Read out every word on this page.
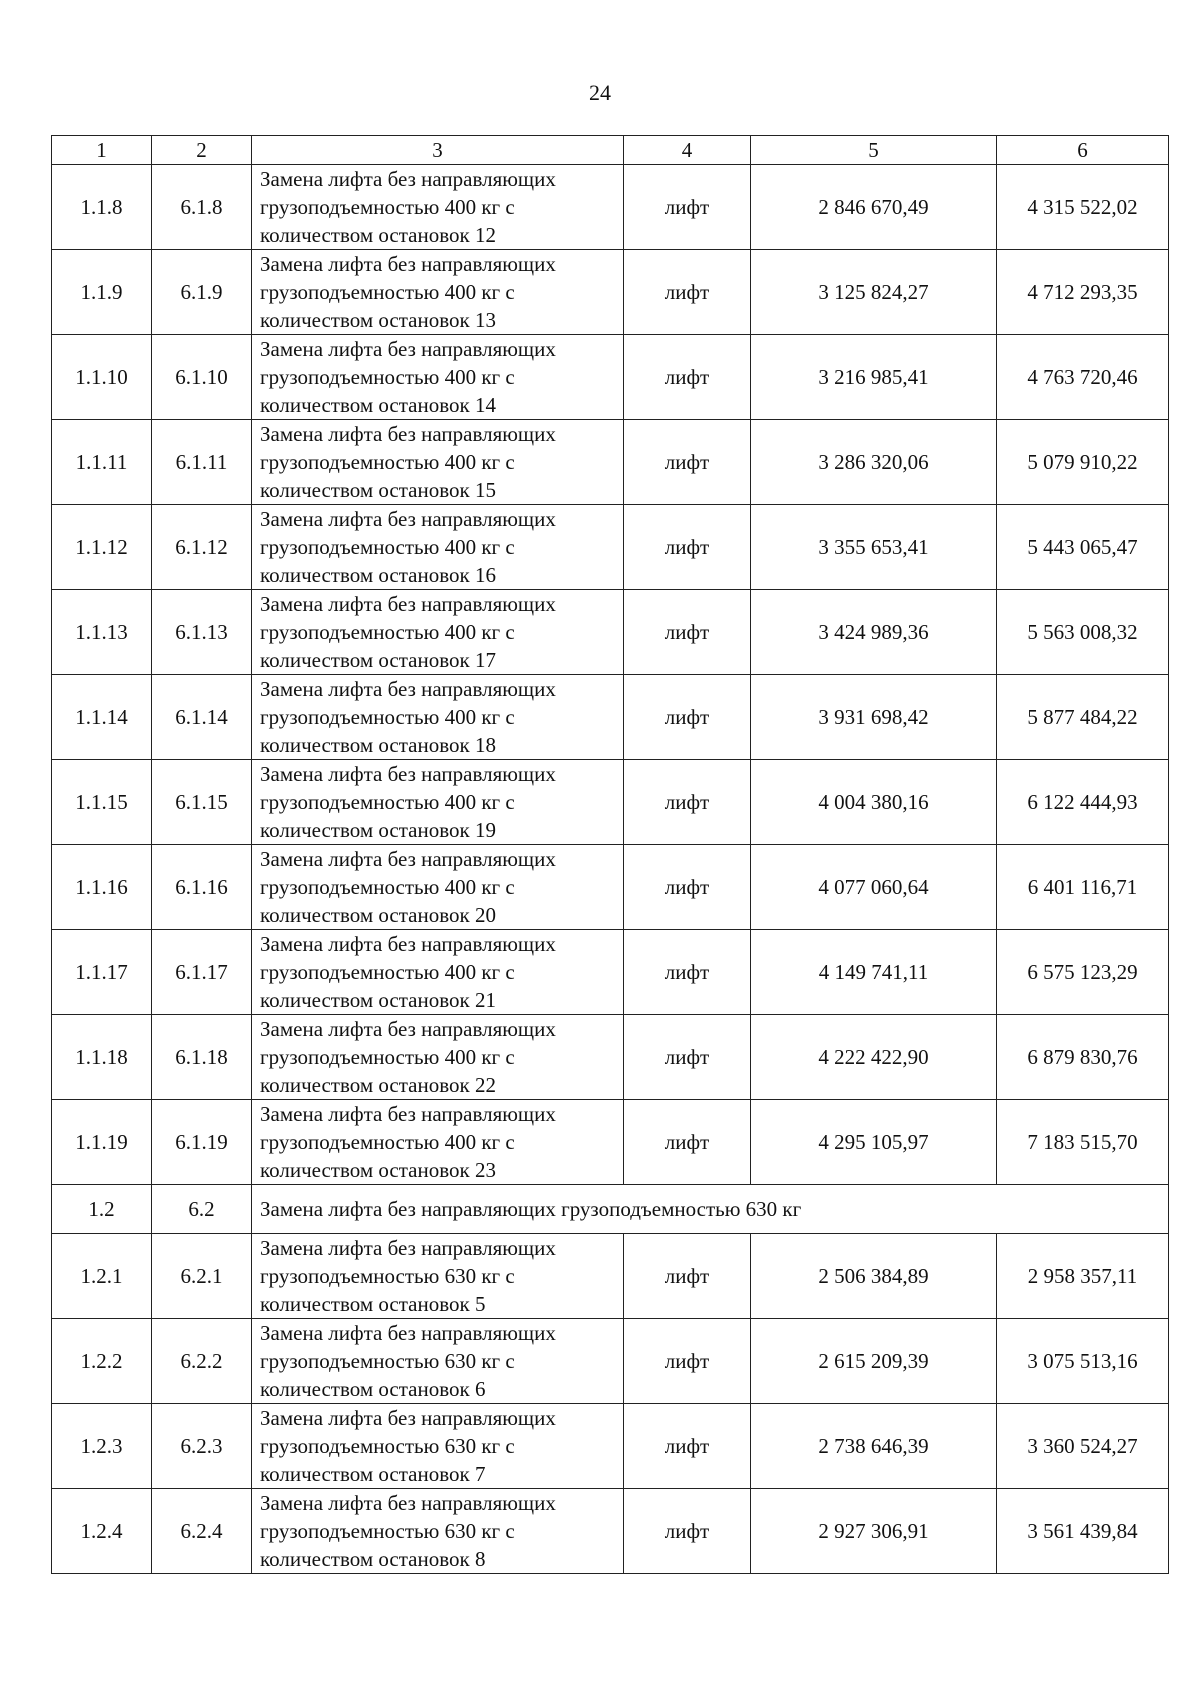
24
1	2	3	4	5	6
1.1.8	6.1.8	Замена лифта без направляющих
грузоподъемностью 400 кг с
количеством остановок 12	лифт	2 846 670,49	4 315 522,02
1.1.9	6.1.9	Замена лифта без направляющих
грузоподъемностью 400 кг с
количеством остановок 13	лифт	3 125 824,27	4 712 293,35
1.1.10	6.1.10	Замена лифта без направляющих
грузоподъемностью 400 кг с
количеством остановок 14	лифт	3 216 985,41	4 763 720,46
1.1.11	6.1.11	Замена лифта без направляющих
грузоподъемностью 400 кг с
количеством остановок 15	лифт	3 286 320,06	5 079 910,22
1.1.12	6.1.12	Замена лифта без направляющих
грузоподъемностью 400 кг с
количеством остановок 16	лифт	3 355 653,41	5 443 065,47
1.1.13	6.1.13	Замена лифта без направляющих
грузоподъемностью 400 кг с
количеством остановок 17	лифт	3 424 989,36	5 563 008,32
1.1.14	6.1.14	Замена лифта без направляющих
грузоподъемностью 400 кг с
количеством остановок 18	лифт	3 931 698,42	5 877 484,22
1.1.15	6.1.15	Замена лифта без направляющих
грузоподъемностью 400 кг с
количеством остановок 19	лифт	4 004 380,16	6 122 444,93
1.1.16	6.1.16	Замена лифта без направляющих
грузоподъемностью 400 кг с
количеством остановок 20	лифт	4 077 060,64	6 401 116,71
1.1.17	6.1.17	Замена лифта без направляющих
грузоподъемностью 400 кг с
количеством остановок 21	лифт	4 149 741,11	6 575 123,29
1.1.18	6.1.18	Замена лифта без направляющих
грузоподъемностью 400 кг с
количеством остановок 22	лифт	4 222 422,90	6 879 830,76
1.1.19	6.1.19	Замена лифта без направляющих
грузоподъемностью 400 кг с
количеством остановок 23	лифт	4 295 105,97	7 183 515,70
1.2	6.2	Замена лифта без направляющих грузоподъемностью 630 кг			
1.2.1	6.2.1	Замена лифта без направляющих
грузоподъемностью 630 кг с
количеством остановок 5	лифт	2 506 384,89	2 958 357,11
1.2.2	6.2.2	Замена лифта без направляющих
грузоподъемностью 630 кг с
количеством остановок 6	лифт	2 615 209,39	3 075 513,16
1.2.3	6.2.3	Замена лифта без направляющих
грузоподъемностью 630 кг с
количеством остановок 7	лифт	2 738 646,39	3 360 524,27
1.2.4	6.2.4	Замена лифта без направляющих
грузоподъемностью 630 кг с
количеством остановок 8	лифт	2 927 306,91	3 561 439,84
